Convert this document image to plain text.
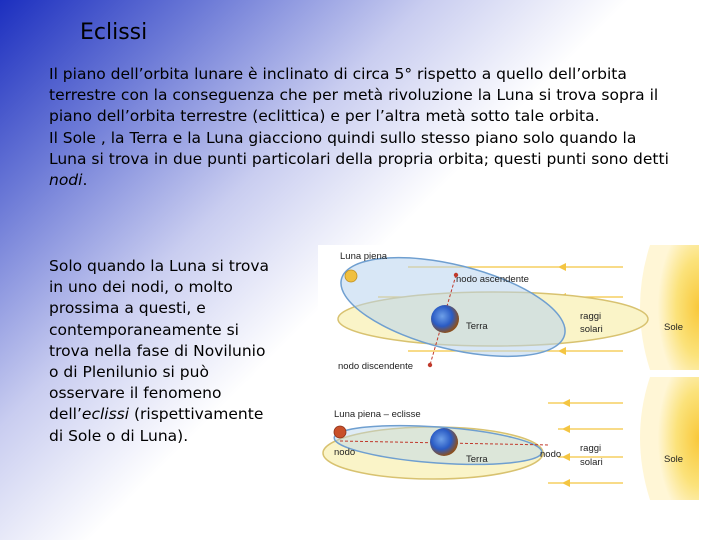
Eclissi

Il piano dell’orbita lunare è inclinato di circa 5° rispetto a quello dell’orbita terrestre con la conseguenza che per metà rivoluzione la Luna si trova sopra il piano dell’orbita terrestre (eclittica) e per l’altra metà sotto tale orbita.

Il Sole , la Terra e la Luna giacciono quindi sullo stesso piano solo quando la Luna si trova in due punti particolari della propria orbita; questi punti sono detti nodi.

Solo quando la Luna si trova in uno dei nodi, o molto prossima a questi, e contemporaneamente si trova nella fase di Novilunio o di Plenilunio si può osservare il fenomeno dell’eclissi (rispettivamente di Sole o di Luna).
Luna piena
nodo ascendente
Terra
nodo discendente
raggi
solari	Sole
Luna piena – eclisse
nodo
Terra	nodo
raggi
solari	Sole
